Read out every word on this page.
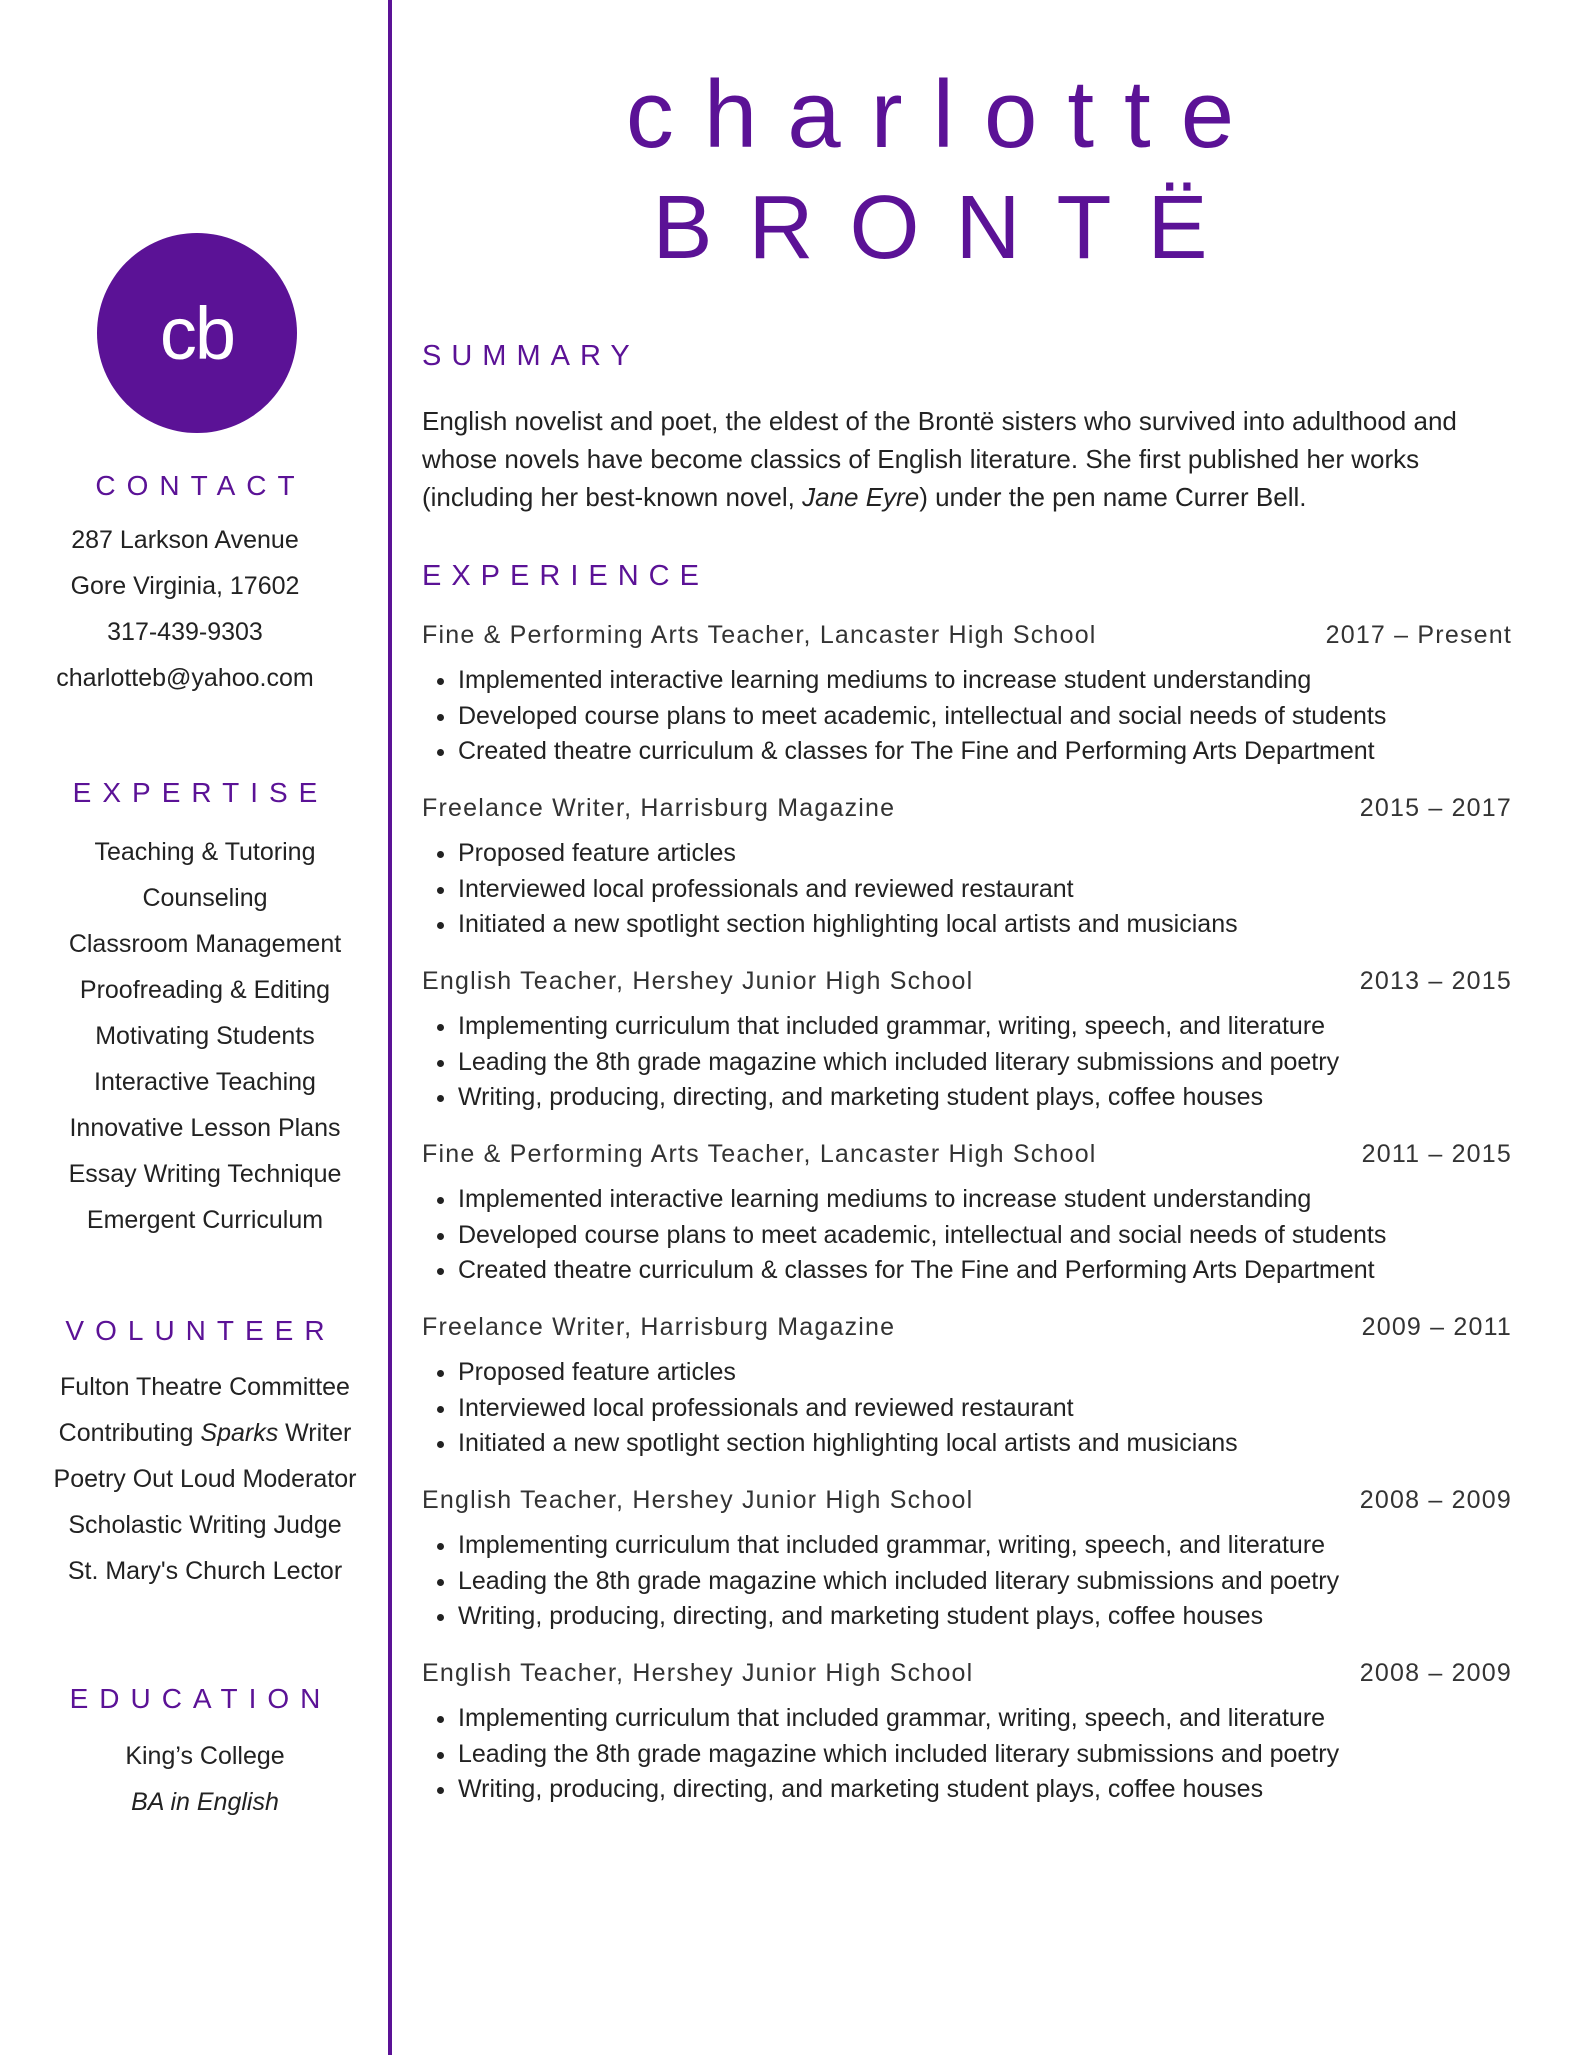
cb
CONTACT
287 Larkson Avenue
Gore Virginia, 17602
317-439-9303
charlotteb@yahoo.com
EXPERTISE
Teaching & Tutoring
Counseling
Classroom Management
Proofreading & Editing
Motivating Students
Interactive Teaching
Innovative Lesson Plans
Essay Writing Technique
Emergent Curriculum
VOLUNTEER
Fulton Theatre Committee
Contributing Sparks Writer
Poetry Out Loud Moderator
Scholastic Writing Judge
St. Mary's Church Lector
EDUCATION
King’s College
BA in English
charlotte
BRONTË
SUMMARY
English novelist and poet, the eldest of the Brontë sisters who survived into adulthood and whose novels have become classics of English literature. She first published her works (including her best-known novel, Jane Eyre) under the pen name Currer Bell.
EXPERIENCE
Fine & Performing Arts Teacher, Lancaster High School	2017 – Present
• Implemented interactive learning mediums to increase student understanding
• Developed course plans to meet academic, intellectual and social needs of students
• Created theatre curriculum & classes for The Fine and Performing Arts Department
Freelance Writer, Harrisburg Magazine	2015 – 2017
• Proposed feature articles
• Interviewed local professionals and reviewed restaurant
• Initiated a new spotlight section highlighting local artists and musicians
English Teacher, Hershey Junior High School	2013 – 2015
• Implementing curriculum that included grammar, writing, speech, and literature
• Leading the 8th grade magazine which included literary submissions and poetry
• Writing, producing, directing, and marketing student plays, coffee houses
Fine & Performing Arts Teacher, Lancaster High School	2011 – 2015
• Implemented interactive learning mediums to increase student understanding
• Developed course plans to meet academic, intellectual and social needs of students
• Created theatre curriculum & classes for The Fine and Performing Arts Department
Freelance Writer, Harrisburg Magazine	2009 – 2011
• Proposed feature articles
• Interviewed local professionals and reviewed restaurant
• Initiated a new spotlight section highlighting local artists and musicians
English Teacher, Hershey Junior High School	2008 – 2009
• Implementing curriculum that included grammar, writing, speech, and literature
• Leading the 8th grade magazine which included literary submissions and poetry
• Writing, producing, directing, and marketing student plays, coffee houses
English Teacher, Hershey Junior High School	2008 – 2009
• Implementing curriculum that included grammar, writing, speech, and literature
• Leading the 8th grade magazine which included literary submissions and poetry
• Writing, producing, directing, and marketing student plays, coffee houses
